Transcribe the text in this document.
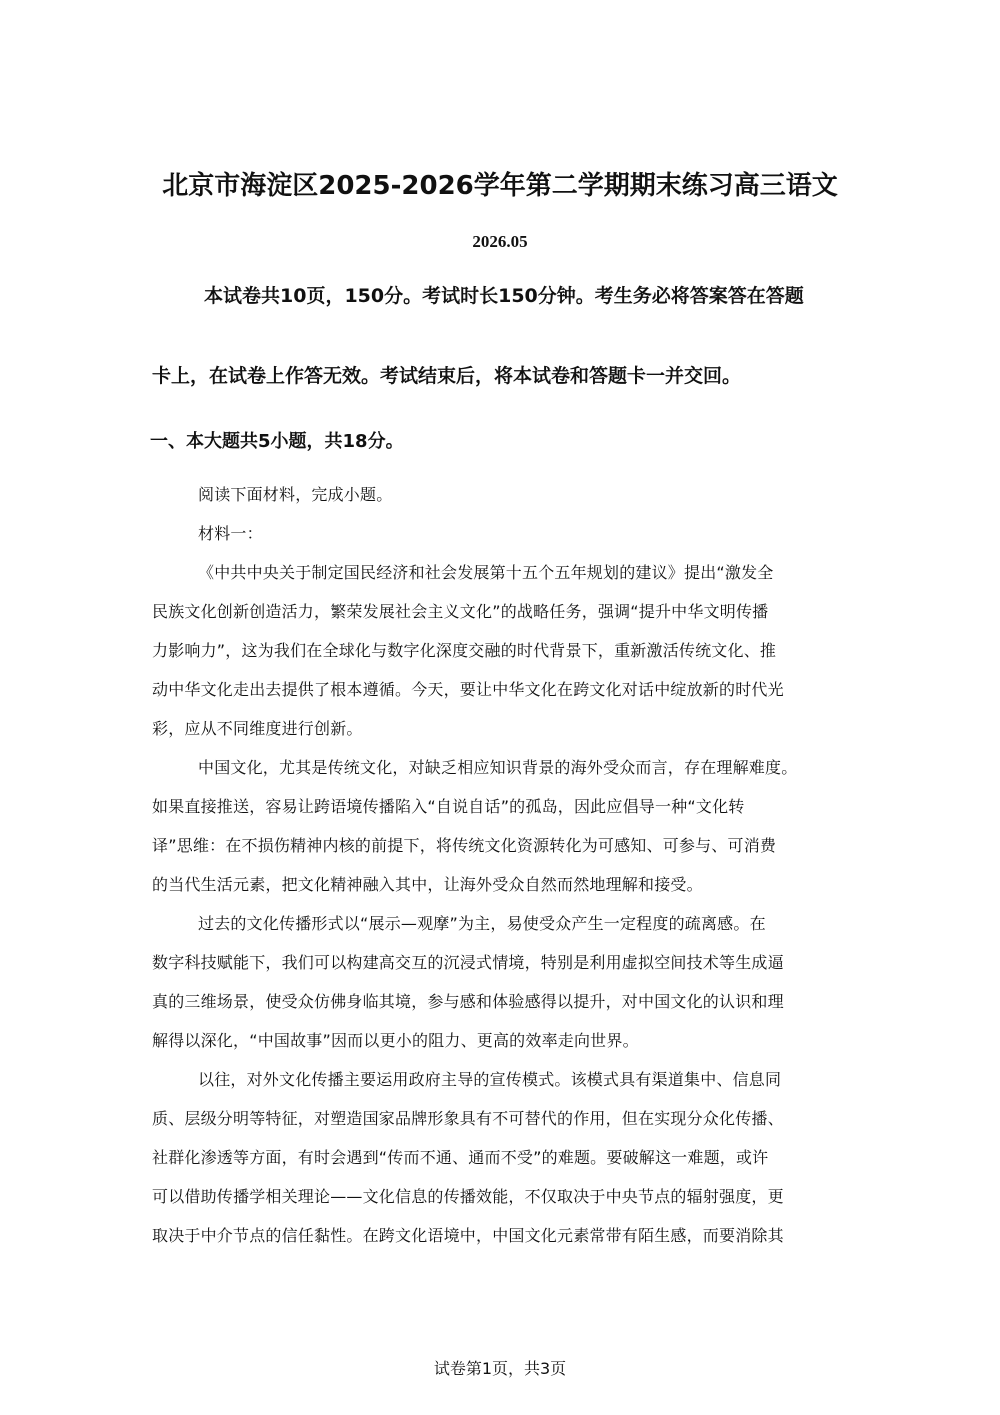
北京市海淀区2025-2026学年第二学期期末练习高三语文
2026.05
本试卷共10页，150分。考试时长150分钟。考生务必将答案答在答题
卡上，在试卷上作答无效。考试结束后，将本试卷和答题卡一并交回。
一、本大题共5小题，共18分。
阅读下面材料，完成小题。
材料一：
《中共中央关于制定国民经济和社会发展第十五个五年规划的建议》提出“激发全
民族文化创新创造活力，繁荣发展社会主义文化”的战略任务，强调“提升中华文明传播
力影响力”，这为我们在全球化与数字化深度交融的时代背景下，重新激活传统文化、推
动中华文化走出去提供了根本遵循。今天，要让中华文化在跨文化对话中绽放新的时代光
彩，应从不同维度进行创新。
中国文化，尤其是传统文化，对缺乏相应知识背景的海外受众而言，存在理解难度。
如果直接推送，容易让跨语境传播陷入“自说自话”的孤岛，因此应倡导一种“文化转
译”思维：在不损伤精神内核的前提下，将传统文化资源转化为可感知、可参与、可消费
的当代生活元素，把文化精神融入其中，让海外受众自然而然地理解和接受。
过去的文化传播形式以“展示—观摩”为主，易使受众产生一定程度的疏离感。在
数字科技赋能下，我们可以构建高交互的沉浸式情境，特别是利用虚拟空间技术等生成逼
真的三维场景，使受众仿佛身临其境，参与感和体验感得以提升，对中国文化的认识和理
解得以深化，“中国故事”因而以更小的阻力、更高的效率走向世界。
以往，对外文化传播主要运用政府主导的宣传模式。该模式具有渠道集中、信息同
质、层级分明等特征，对塑造国家品牌形象具有不可替代的作用，但在实现分众化传播、
社群化渗透等方面，有时会遇到“传而不通、通而不受”的难题。要破解这一难题，或许
可以借助传播学相关理论——文化信息的传播效能，不仅取决于中央节点的辐射强度，更
取决于中介节点的信任黏性。在跨文化语境中，中国文化元素常带有陌生感，而要消除其
试卷第1页，共3页
